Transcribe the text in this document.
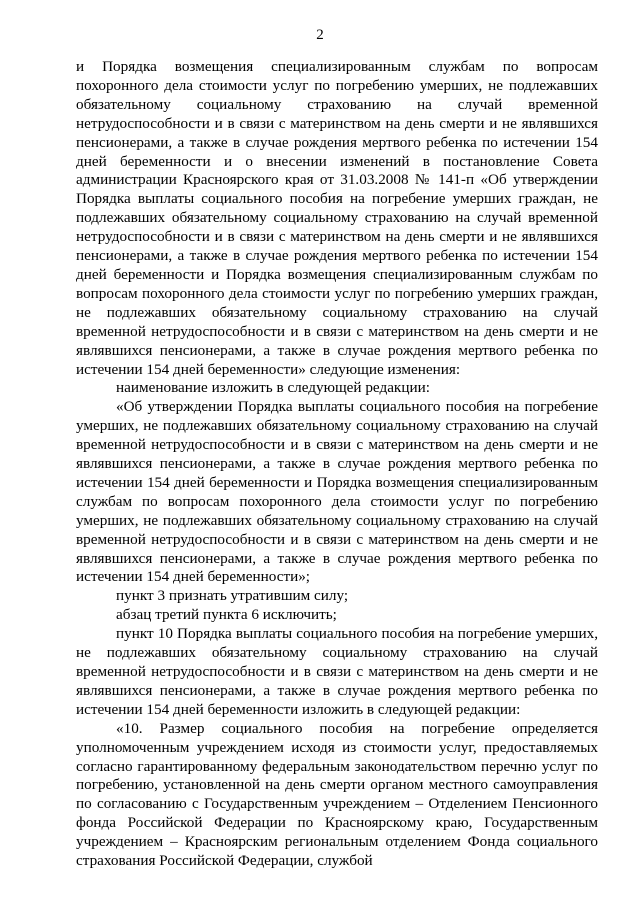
2

и Порядка возмещения специализированным службам по вопросам похоронного дела стоимости услуг по погребению умерших, не подлежавших обязательному социальному страхованию на случай временной нетрудоспособности и в связи с материнством на день смерти и не являвшихся пенсионерами, а также в случае рождения мертвого ребенка по истечении 154 дней беременности и о внесении изменений в постановление Совета администрации Красноярского края от 31.03.2008 № 141-п «Об утверждении Порядка выплаты социального пособия на погребение умерших граждан, не подлежавших обязательному социальному страхованию на случай временной нетрудоспособности и в связи с материнством на день смерти и не являвшихся пенсионерами, а также в случае рождения мертвого ребенка по истечении 154 дней беременности и Порядка возмещения специализированным службам по вопросам похоронного дела стоимости услуг по погребению умерших граждан, не подлежавших обязательному социальному страхованию на случай временной нетрудоспособности и в связи с материнством на день смерти и не являвшихся пенсионерами, а также в случае рождения мертвого ребенка по истечении 154 дней беременности» следующие изменения:

наименование изложить в следующей редакции:

«Об утверждении Порядка выплаты социального пособия на погребение умерших, не подлежавших обязательному социальному страхованию на случай временной нетрудоспособности и в связи с материнством на день смерти и не являвшихся пенсионерами, а также в случае рождения мертвого ребенка по истечении 154 дней беременности и Порядка возмещения специализированным службам по вопросам похоронного дела стоимости услуг по погребению умерших, не подлежавших обязательному социальному страхованию на случай временной нетрудоспособности и в связи с материнством на день смерти и не являвшихся пенсионерами, а также в случае рождения мертвого ребенка по истечении 154 дней беременности»;

пункт 3 признать утратившим силу;

абзац третий пункта 6 исключить;

пункт 10 Порядка выплаты социального пособия на погребение умерших, не подлежавших обязательному социальному страхованию на случай временной нетрудоспособности и в связи с материнством на день смерти и не являвшихся пенсионерами, а также в случае рождения мертвого ребенка по истечении 154 дней беременности изложить в следующей редакции:

«10. Размер социального пособия на погребение определяется уполномоченным учреждением исходя из стоимости услуг, предоставляемых согласно гарантированному федеральным законодательством перечню услуг по погребению, установленной на день смерти органом местного самоуправления по согласованию с Государственным учреждением – Отделением Пенсионного фонда Российской Федерации по Красноярскому краю, Государственным учреждением – Красноярским региональным отделением Фонда социального страхования Российской Федерации, службой
